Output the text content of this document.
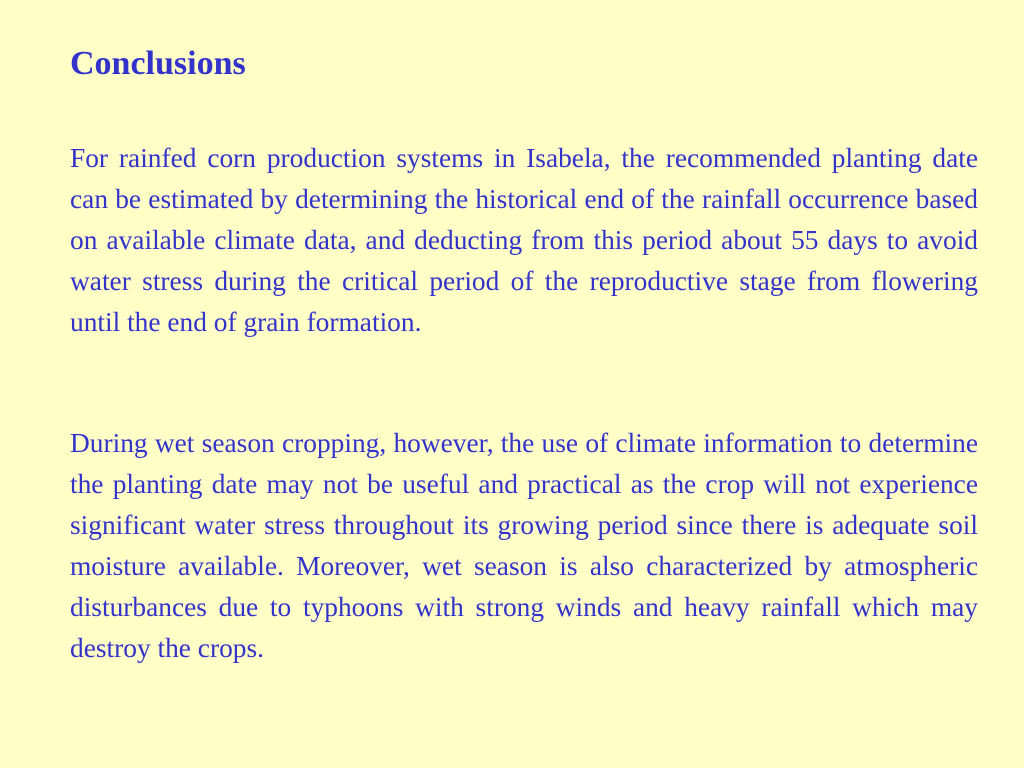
Conclusions

For rainfed corn production systems in Isabela, the recommended planting date can be estimated by determining the historical end of the rainfall occurrence based on available climate data, and deducting from this period about 55 days to avoid water stress during the critical period of the reproductive stage from flowering until the end of grain formation.

During wet season cropping, however, the use of climate information to determine the planting date may not be useful and practical as the crop will not experience significant water stress throughout its growing period since there is adequate soil moisture available. Moreover, wet season is also characterized by atmospheric disturbances due to typhoons with strong winds and heavy rainfall which may destroy the crops.
